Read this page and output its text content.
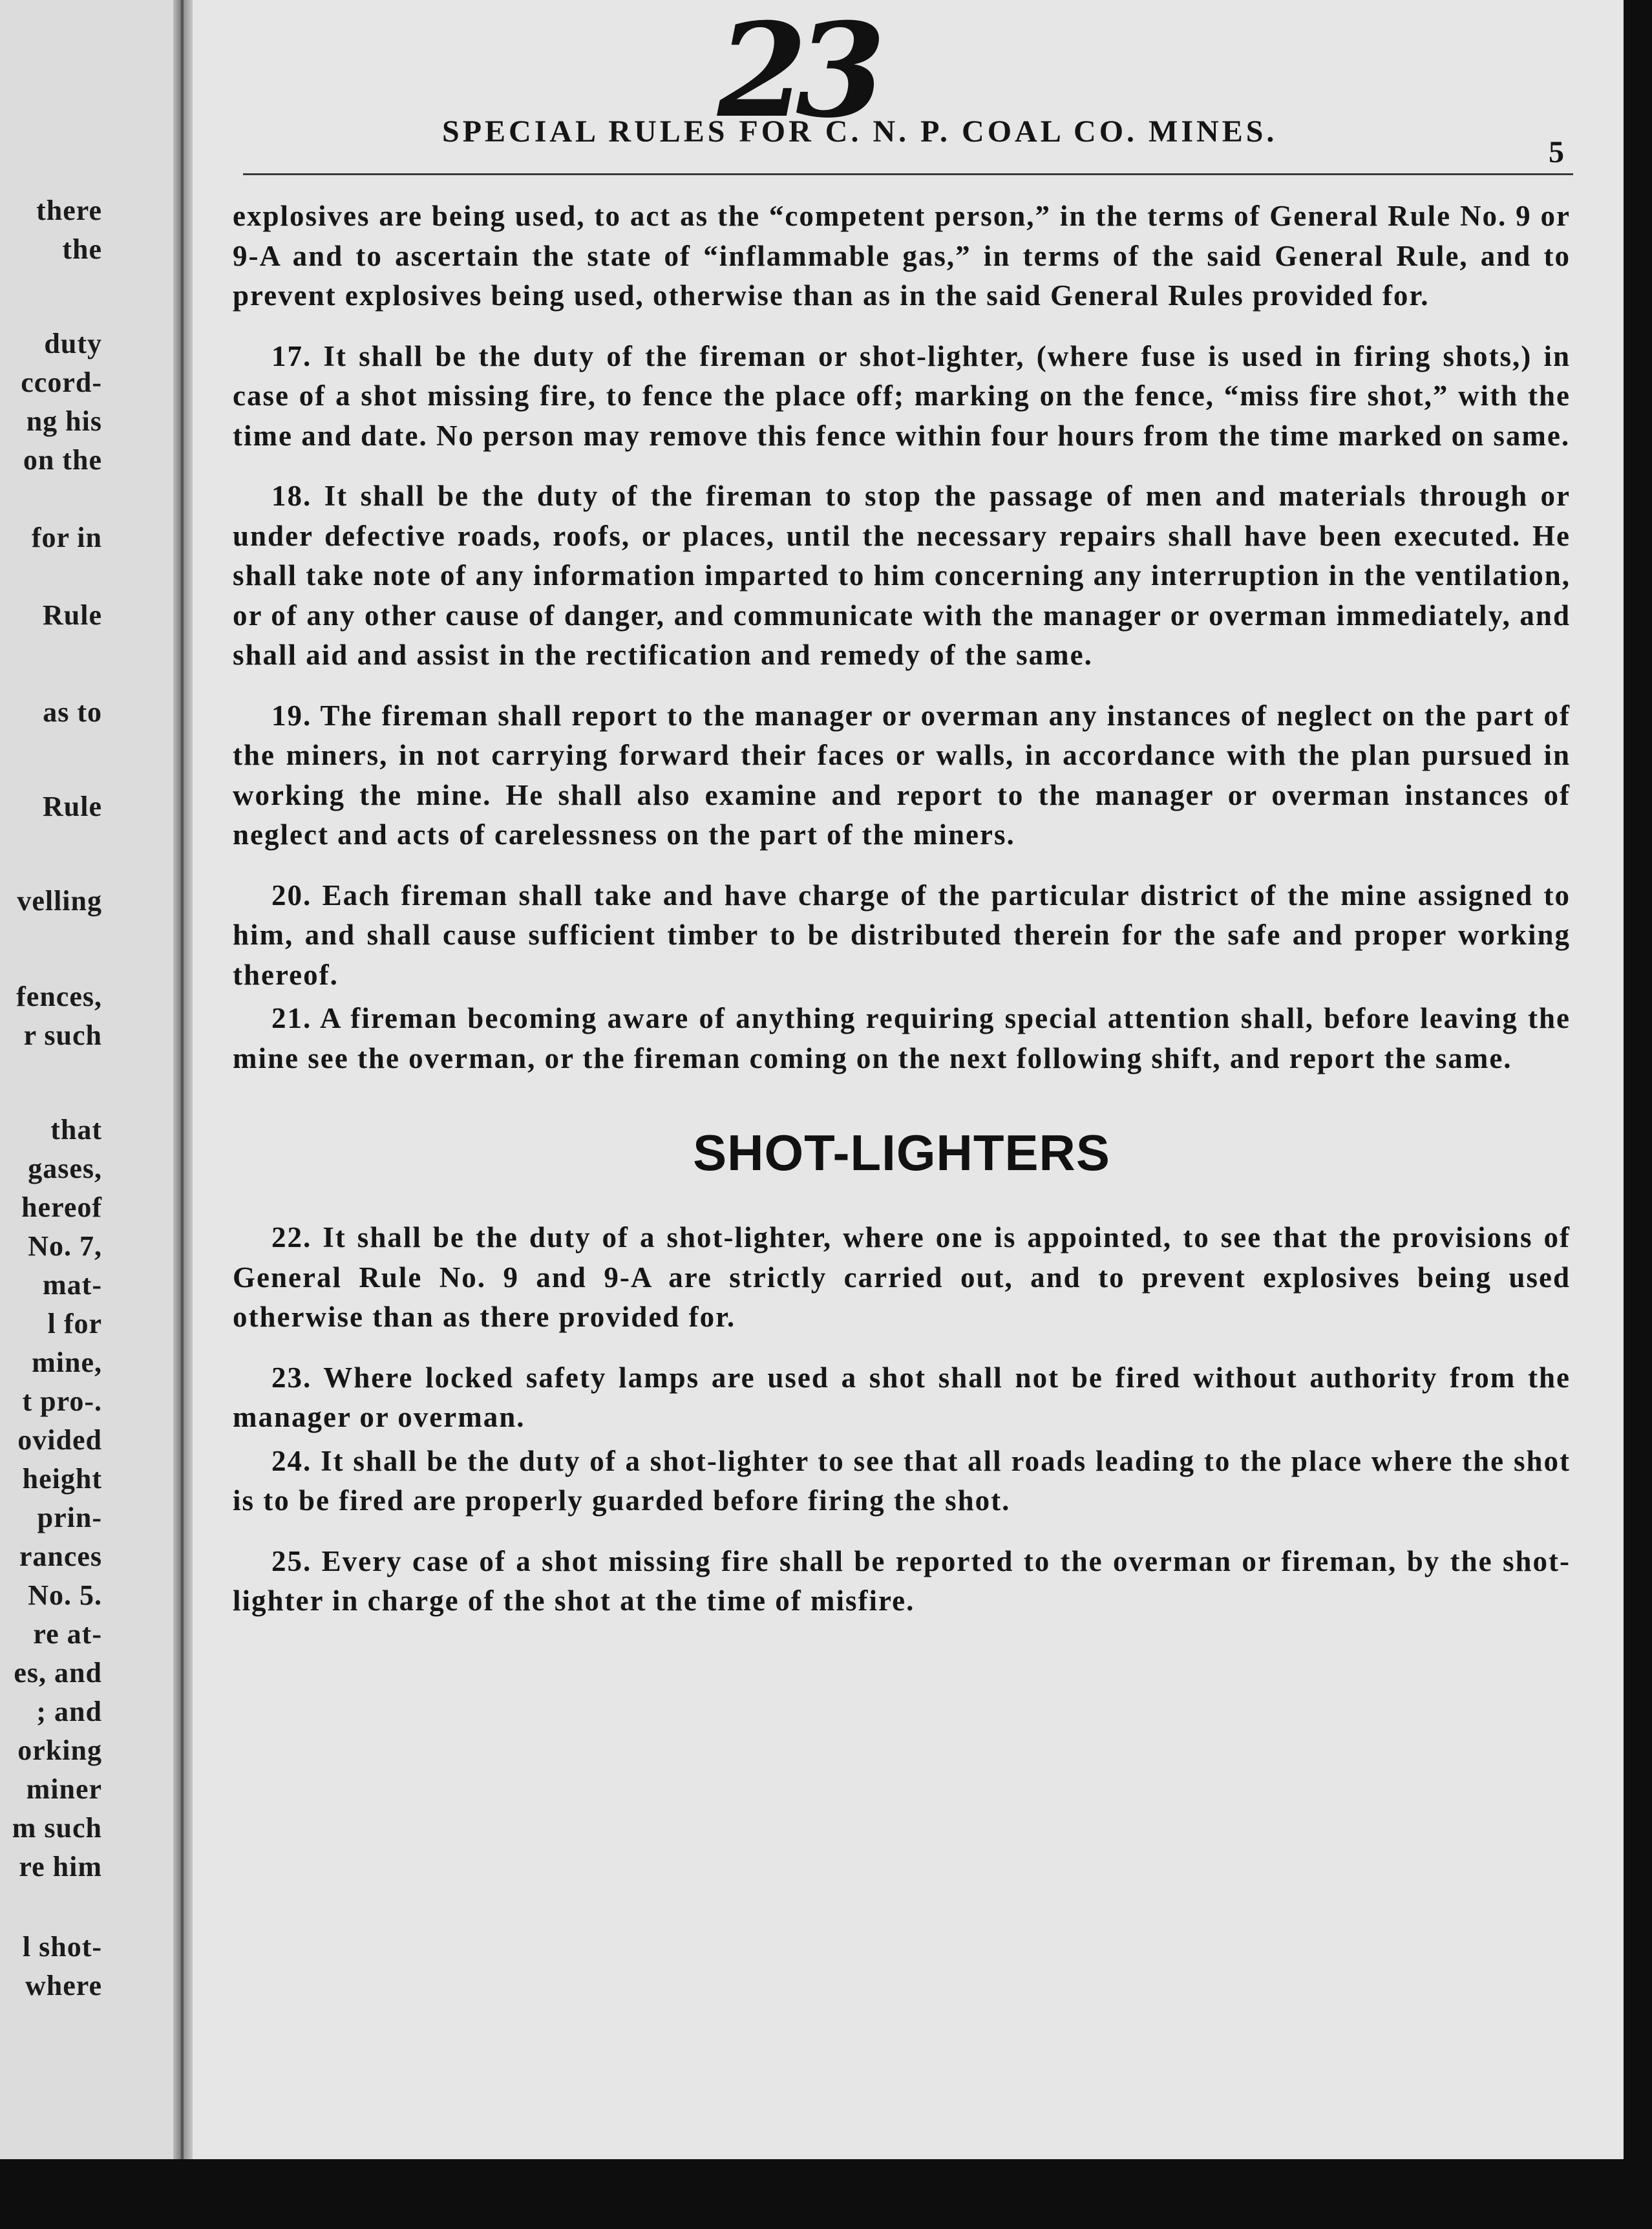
there
the
duty
ccord-
ng his
on the
for in
Rule
as to
Rule
velling
fences,
r such
that
gases,
hereof
No. 7,
mat-
l for
mine,
t pro-.
ovided
height
prin-
rances
No. 5.
re at-
es, and
; and
orking
miner
m such
re him
l shot-
where
23
SPECIAL RULES FOR C. N. P. COAL CO. MINES.
5

explosives are being used, to act as the “competent person,” in the terms of General Rule No. 9 or 9-A and to ascertain the state of “inflammable gas,” in terms of the said General Rule, and to prevent explosives being used, otherwise than as in the said General Rules provided for.

17. It shall be the duty of the fireman or shot-lighter, (where fuse is used in firing shots,) in case of a shot missing fire, to fence the place off; marking on the fence, “miss fire shot,” with the time and date. No person may remove this fence within four hours from the time marked on same.

18. It shall be the duty of the fireman to stop the passage of men and materials through or under defective roads, roofs, or places, until the necessary repairs shall have been executed. He shall take note of any information imparted to him concerning any interruption in the ventilation, or of any other cause of danger, and communicate with the manager or overman immediately, and shall aid and assist in the rectification and remedy of the same.

19. The fireman shall report to the manager or overman any instances of neglect on the part of the miners, in not carrying forward their faces or walls, in accordance with the plan pursued in working the mine. He shall also examine and report to the manager or overman instances of neglect and acts of carelessness on the part of the miners.

20. Each fireman shall take and have charge of the particular district of the mine assigned to him, and shall cause sufficient timber to be distributed therein for the safe and proper working thereof.

21. A fireman becoming aware of anything requiring special attention shall, before leaving the mine see the overman, or the fireman coming on the next following shift, and report the same.

SHOT-LIGHTERS

22. It shall be the duty of a shot-lighter, where one is appointed, to see that the provisions of General Rule No. 9 and 9-A are strictly carried out, and to prevent explosives being used otherwise than as there provided for.

23. Where locked safety lamps are used a shot shall not be fired without authority from the manager or overman.

24. It shall be the duty of a shot-lighter to see that all roads leading to the place where the shot is to be fired are properly guarded before firing the shot.

25. Every case of a shot missing fire shall be reported to the overman or fireman, by the shot-lighter in charge of the shot at the time of misfire.
